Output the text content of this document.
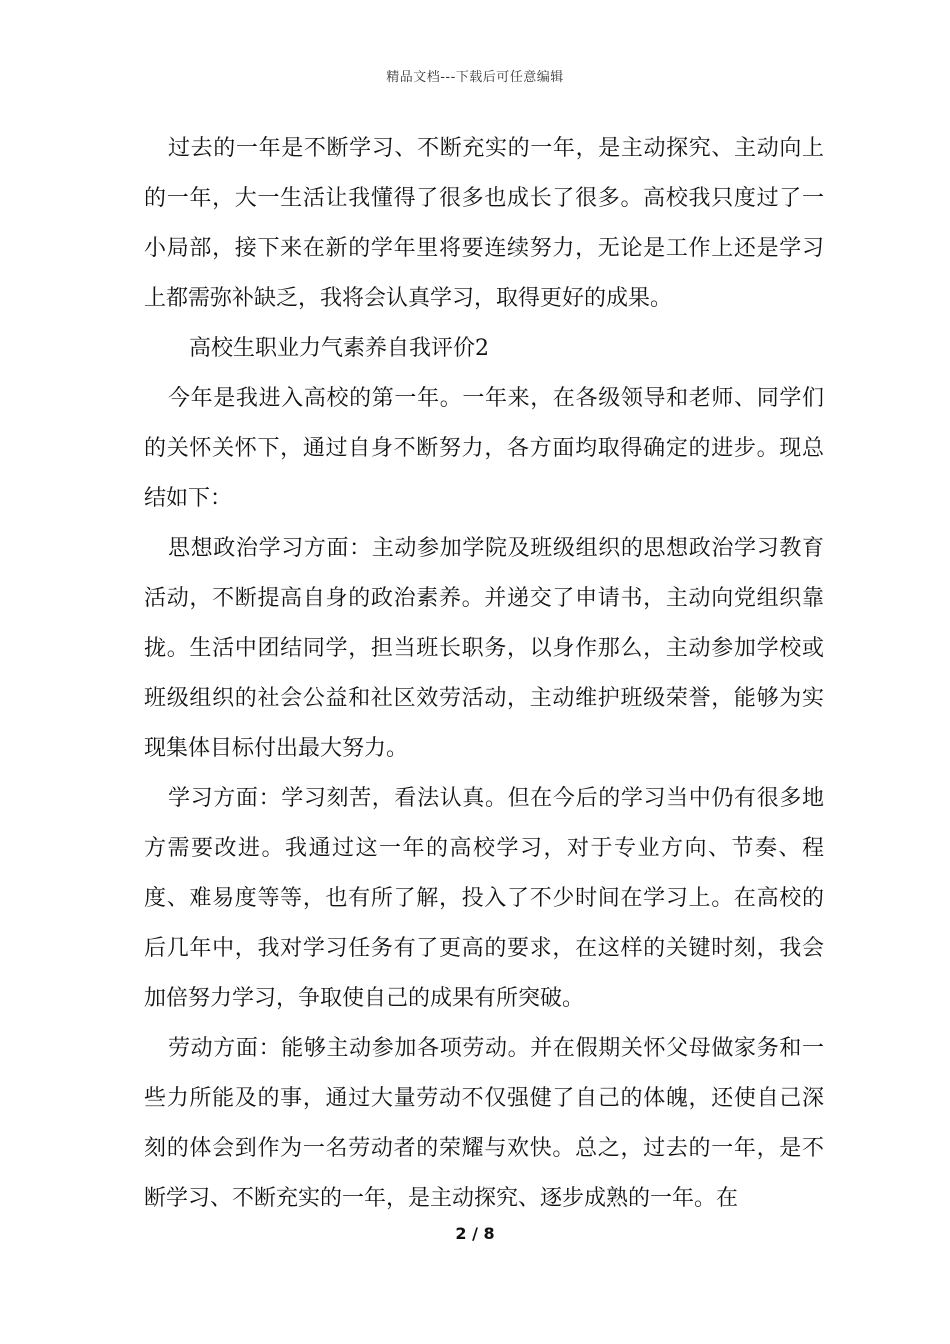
精品文档---下载后可任意编辑

过去的一年是不断学习、不断充实的一年，是主动探究、主动向上的一年，大一生活让我懂得了很多也成长了很多。高校我只度过了一小局部，接下来在新的学年里将要连续努力，无论是工作上还是学习上都需弥补缺乏，我将会认真学习，取得更好的成果。

高校生职业力气素养自我评价2

今年是我进入高校的第一年。一年来，在各级领导和老师、同学们的关怀关怀下，通过自身不断努力，各方面均取得确定的进步。现总结如下：

思想政治学习方面：主动参加学院及班级组织的思想政治学习教育活动，不断提高自身的政治素养。并递交了申请书，主动向党组织靠拢。生活中团结同学，担当班长职务，以身作那么，主动参加学校或班级组织的社会公益和社区效劳活动，主动维护班级荣誉，能够为实现集体目标付出最大努力。

学习方面：学习刻苦，看法认真。但在今后的学习当中仍有很多地方需要改进。我通过这一年的高校学习，对于专业方向、节奏、程度、难易度等等，也有所了解，投入了不少时间在学习上。在高校的后几年中，我对学习任务有了更高的要求，在这样的关键时刻，我会加倍努力学习，争取使自己的成果有所突破。

劳动方面：能够主动参加各项劳动。并在假期关怀父母做家务和一些力所能及的事，通过大量劳动不仅强健了自己的体魄，还使自己深刻的体会到作为一名劳动者的荣耀与欢快。总之，过去的一年，是不断学习、不断充实的一年，是主动探究、逐步成熟的一年。在

2 / 8
